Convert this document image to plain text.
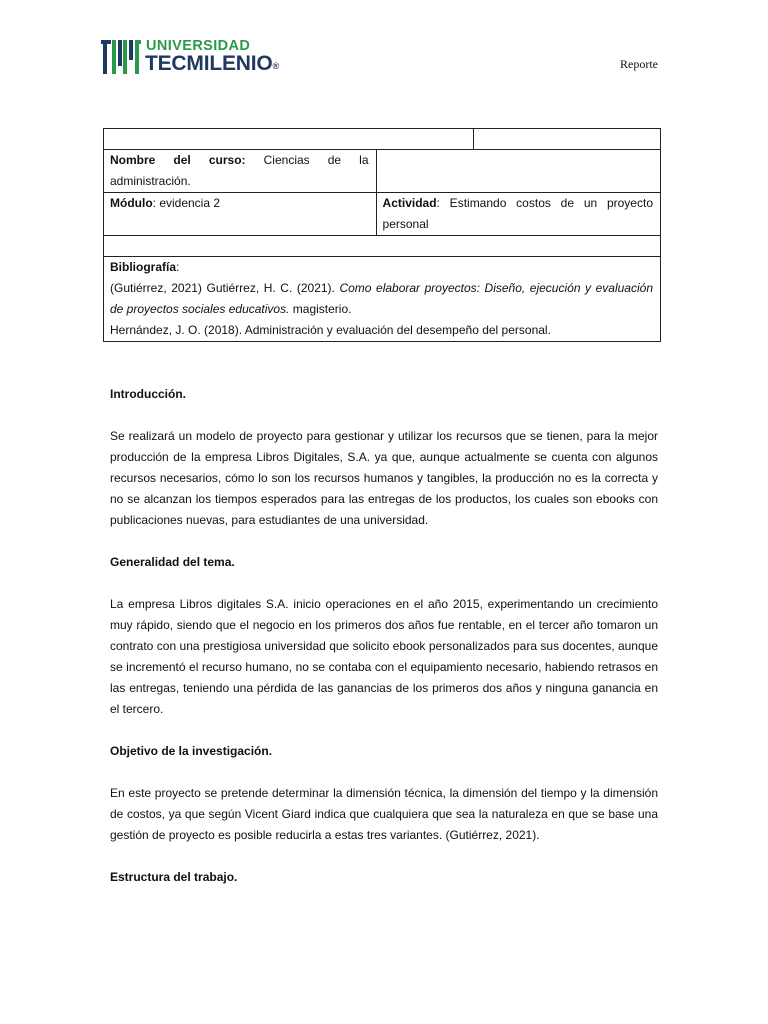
UNIVERSIDAD
TECMILENIO®	Reporte

Nombre del curso: Ciencias de la administración.		
Módulo: evidencia 2	Actividad: Estimando costos de un proyecto personal	

Bibliografía:
(Gutiérrez, 2021) Gutiérrez, H. C. (2021). Como elaborar proyectos: Diseño, ejecución y evaluación de proyectos sociales educativos. magisterio.
Hernández, J. O. (2018). Administración y evaluación del desempeño del personal.		
Introducción.

Se realizará un modelo de proyecto para gestionar y utilizar los recursos que se tienen, para la mejor producción de la empresa Libros Digitales, S.A. ya que, aunque actualmente se cuenta con algunos recursos necesarios, cómo lo son los recursos humanos y tangibles, la producción no es la correcta y no se alcanzan los tiempos esperados para las entregas de los productos, los cuales son ebooks con publicaciones nuevas, para estudiantes de una universidad.

Generalidad del tema.

La empresa Libros digitales S.A. inicio operaciones en el año 2015, experimentando un crecimiento muy rápido, siendo que el negocio en los primeros dos años fue rentable, en el tercer año tomaron un contrato con una prestigiosa universidad que solicito ebook personalizados para sus docentes, aunque se incrementó el recurso humano, no se contaba con el equipamiento necesario, habiendo retrasos en las entregas, teniendo una pérdida de las ganancias de los primeros dos años y ninguna ganancia en el tercero.

Objetivo de la investigación.

En este proyecto se pretende determinar la dimensión técnica, la dimensión del tiempo y la dimensión de costos, ya que según Vicent Giard indica que cualquiera que sea la naturaleza en que se base una gestión de proyecto es posible reducirla a estas tres variantes. (Gutiérrez, 2021).

Estructura del trabajo.
